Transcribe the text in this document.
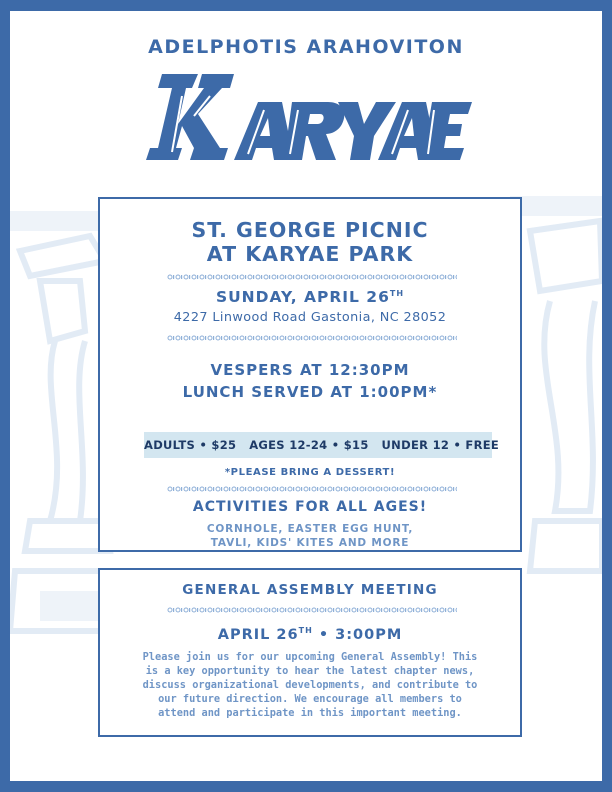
ADELPHOTIS ARAHOVITON
ST. GEORGE PICNIC
AT KARYAE PARK
SUNDAY, APRIL 26TH
4227 Linwood Road Gastonia, NC 28052
VESPERS AT 12:30PM
LUNCH SERVED AT 1:00PM*
ADULTS • $25   AGES 12-24 • $15   UNDER 12 • FREE
*PLEASE BRING A DESSERT!
ACTIVITIES FOR ALL AGES!
CORNHOLE, EASTER EGG HUNT,
TAVLI, KIDS' KITES AND MORE
GENERAL ASSEMBLY MEETING
APRIL 26TH • 3:00PM
Please join us for our upcoming General Assembly! This
is a key opportunity to hear the latest chapter news,
discuss organizational developments, and contribute to
our future direction. We encourage all members to
attend and participate in this important meeting.
